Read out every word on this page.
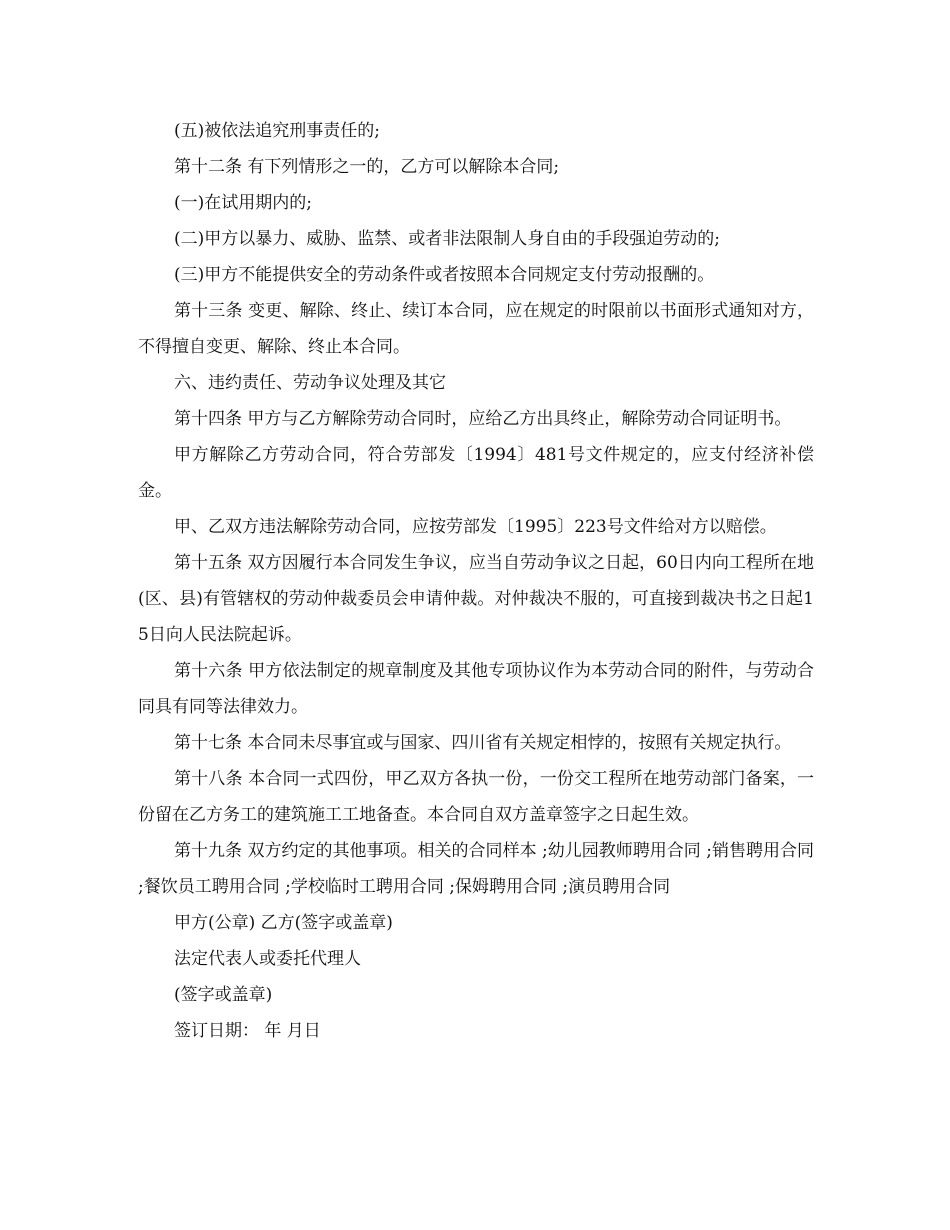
(五)被依法追究刑事责任的;

第十二条 有下列情形之一的，乙方可以解除本合同;

(一)在试用期内的;

(二)甲方以暴力、威胁、监禁、或者非法限制人身自由的手段强迫劳动的;

(三)甲方不能提供安全的劳动条件或者按照本合同规定支付劳动报酬的。

第十三条 变更、解除、终止、续订本合同，应在规定的时限前以书面形式通知对方，不得擅自变更、解除、终止本合同。

六、违约责任、劳动争议处理及其它

第十四条 甲方与乙方解除劳动合同时，应给乙方出具终止，解除劳动合同证明书。

甲方解除乙方劳动合同，符合劳部发〔1994〕481号文件规定的，应支付经济补偿金。

甲、乙双方违法解除劳动合同，应按劳部发〔1995〕223号文件给对方以赔偿。

第十五条 双方因履行本合同发生争议，应当自劳动争议之日起，60日内向工程所在地(区、县)有管辖权的劳动仲裁委员会申请仲裁。对仲裁决不服的，可直接到裁决书之日起15日向人民法院起诉。

第十六条 甲方依法制定的规章制度及其他专项协议作为本劳动合同的附件，与劳动合同具有同等法律效力。

第十七条 本合同未尽事宜或与国家、四川省有关规定相悖的，按照有关规定执行。

第十八条 本合同一式四份，甲乙双方各执一份，一份交工程所在地劳动部门备案，一份留在乙方务工的建筑施工工地备查。本合同自双方盖章签字之日起生效。

第十九条 双方约定的其他事项。相关的合同样本 ;幼儿园教师聘用合同 ;销售聘用合同 ;餐饮员工聘用合同 ;学校临时工聘用合同 ;保姆聘用合同 ;演员聘用合同

甲方(公章) 乙方(签字或盖章)

法定代表人或委托代理人

(签字或盖章)

签订日期： 年 月日
